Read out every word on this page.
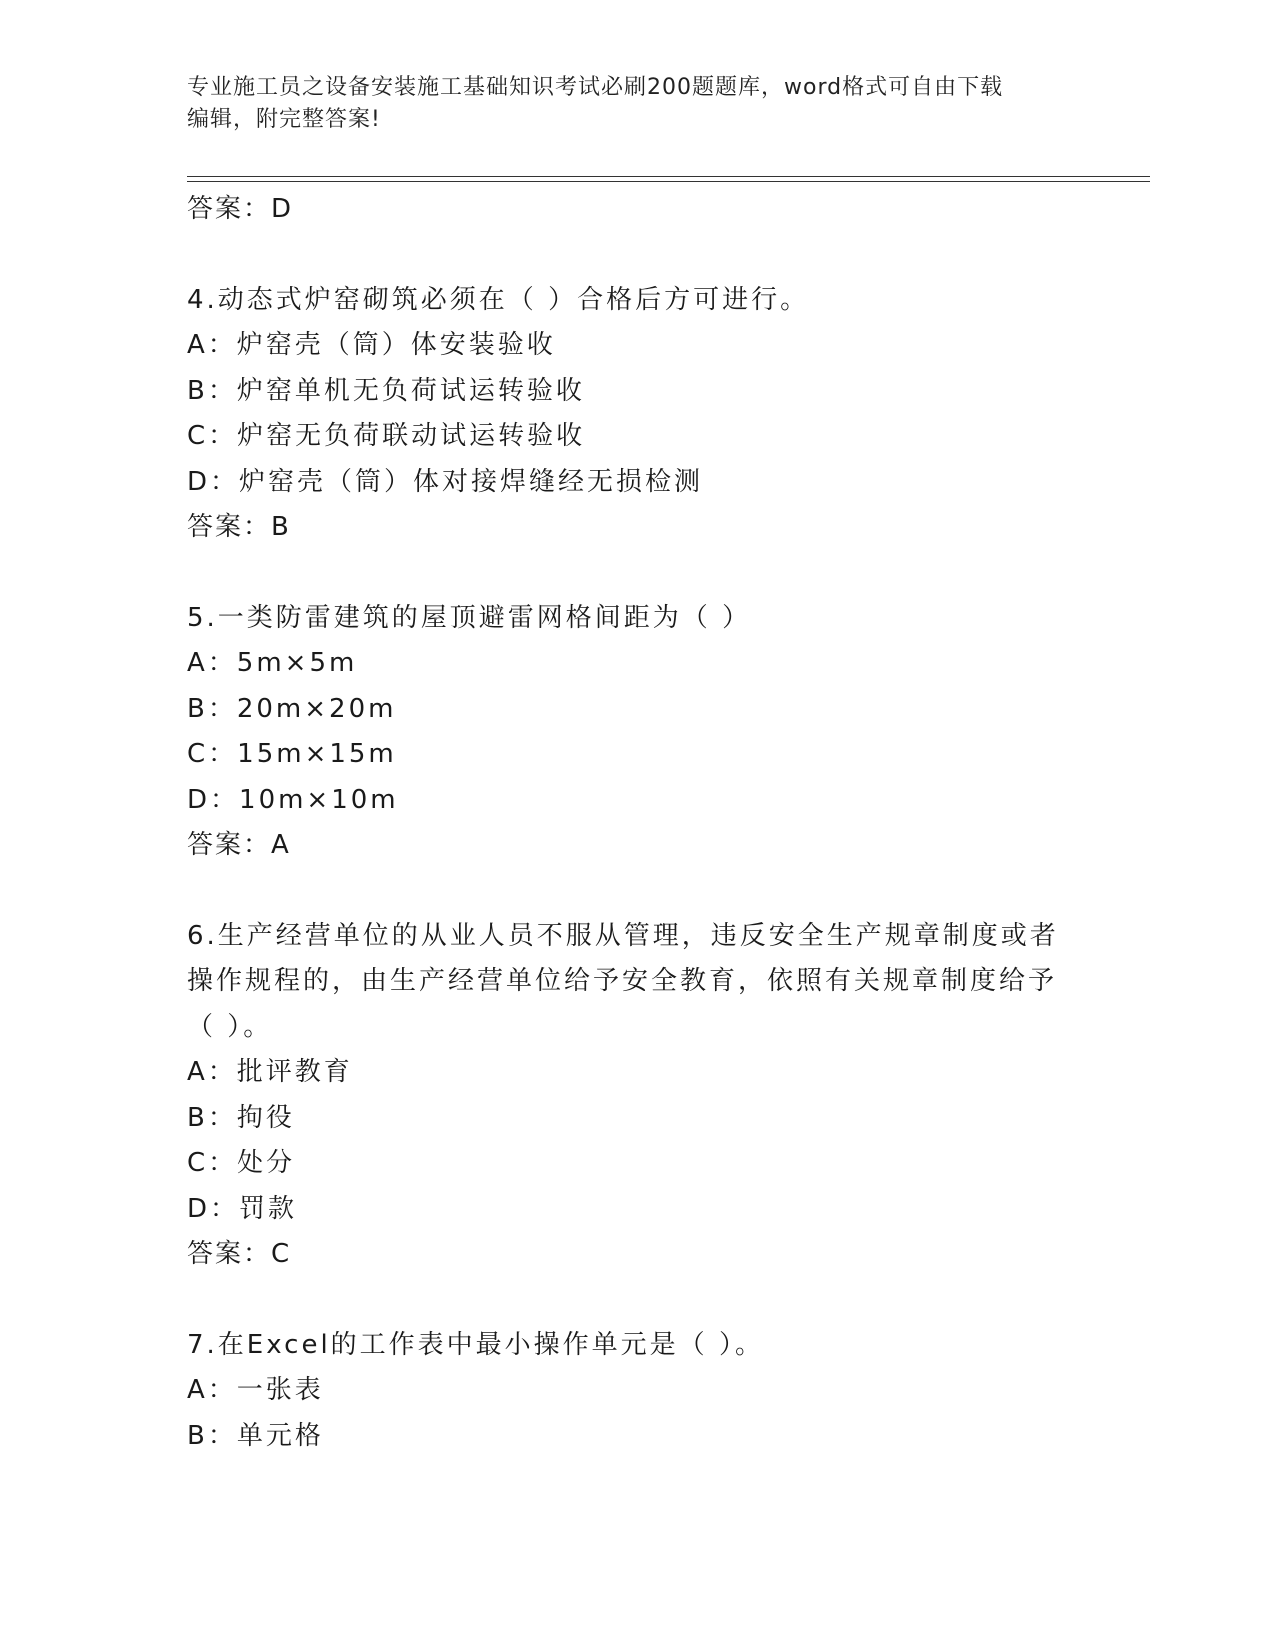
专业施工员之设备安装施工基础知识考试必刷200题题库，word格式可自由下载
编辑，附完整答案!
答案：D
4.动态式炉窑砌筑必须在（ ）合格后方可进行。
A：炉窑壳（筒）体安装验收
B：炉窑单机无负荷试运转验收
C：炉窑无负荷联动试运转验收
D：炉窑壳（筒）体对接焊缝经无损检测
答案：B
5.一类防雷建筑的屋顶避雷网格间距为（ ）
A：5m×5m
B：20m×20m
C：15m×15m
D：10m×10m
答案：A
6.生产经营单位的从业人员不服从管理，违反安全生产规章制度或者
操作规程的，由生产经营单位给予安全教育，依照有关规章制度给予
（ ）。
A：批评教育
B：拘役
C：处分
D：罚款
答案：C
7.在Excel的工作表中最小操作单元是（ ）。
A：一张表
B：单元格
